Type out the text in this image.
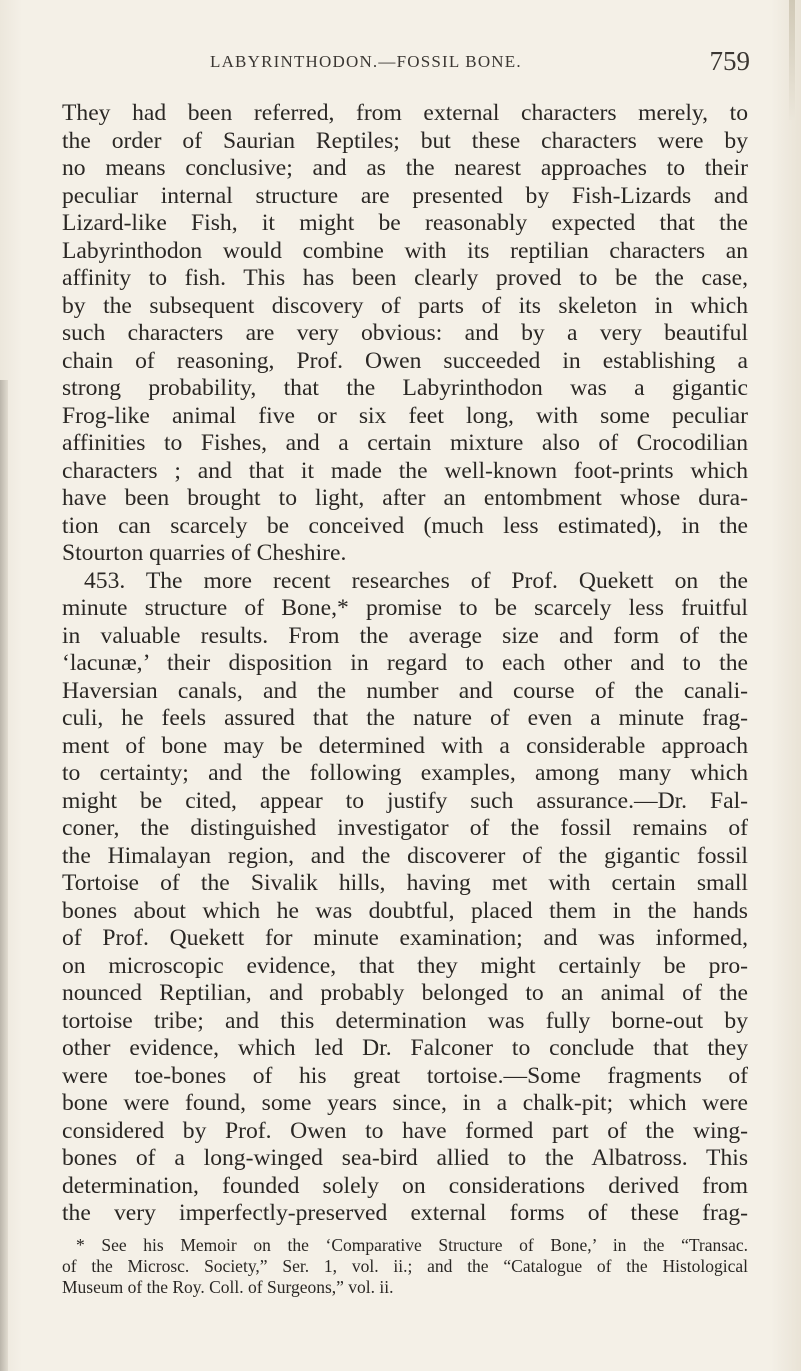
LABYRINTHODON.—FOSSIL BONE.	759
They had been referred, from external characters merely, to
the order of Saurian Reptiles; but these characters were by
no means conclusive; and as the nearest approaches to their
peculiar internal structure are presented by Fish-Lizards and
Lizard-like Fish, it might be reasonably expected that the
Labyrinthodon would combine with its reptilian characters an
affinity to fish. This has been clearly proved to be the case,
by the subsequent discovery of parts of its skeleton in which
such characters are very obvious: and by a very beautiful
chain of reasoning, Prof. Owen succeeded in establishing a
strong probability, that the Labyrinthodon was a gigantic
Frog-like animal five or six feet long, with some peculiar
affinities to Fishes, and a certain mixture also of Crocodilian
characters ; and that it made the well-known foot-prints which
have been brought to light, after an entombment whose dura-
tion can scarcely be conceived (much less estimated), in the
Stourton quarries of Cheshire.
453. The more recent researches of Prof. Quekett on the
minute structure of Bone,* promise to be scarcely less fruitful
in valuable results. From the average size and form of the
‘lacunæ,’ their disposition in regard to each other and to the
Haversian canals, and the number and course of the canali-
culi, he feels assured that the nature of even a minute frag-
ment of bone may be determined with a considerable approach
to certainty; and the following examples, among many which
might be cited, appear to justify such assurance.—Dr. Fal-
coner, the distinguished investigator of the fossil remains of
the Himalayan region, and the discoverer of the gigantic fossil
Tortoise of the Sivalik hills, having met with certain small
bones about which he was doubtful, placed them in the hands
of Prof. Quekett for minute examination; and was informed,
on microscopic evidence, that they might certainly be pro-
nounced Reptilian, and probably belonged to an animal of the
tortoise tribe; and this determination was fully borne-out by
other evidence, which led Dr. Falconer to conclude that they
were toe-bones of his great tortoise.—Some fragments of
bone were found, some years since, in a chalk-pit; which were
considered by Prof. Owen to have formed part of the wing-
bones of a long-winged sea-bird allied to the Albatross. This
determination, founded solely on considerations derived from
the very imperfectly-preserved external forms of these frag-
* See his Memoir on the ‘Comparative Structure of Bone,’ in the “Transac.
of the Microsc. Society,” Ser. 1, vol. ii.; and the “Catalogue of the Histological
Museum of the Roy. Coll. of Surgeons,” vol. ii.
